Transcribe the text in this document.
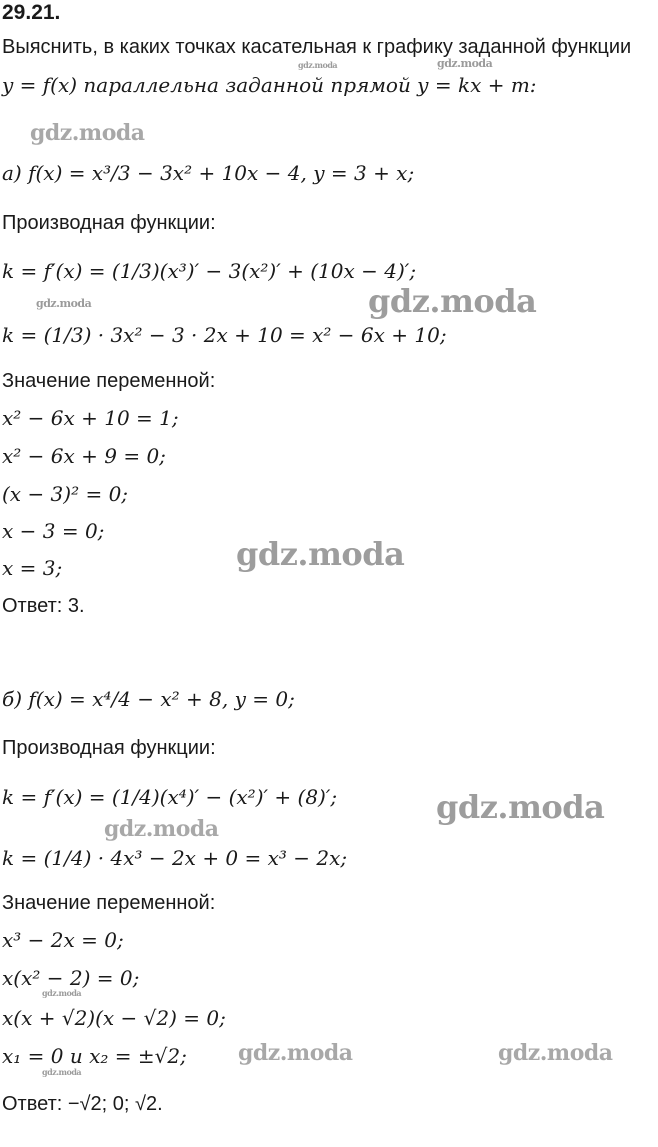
29.21.
Выяснить, в каких точках касательная к графику заданной функции
y = f(x) параллельна заданной прямой y = kx + m:
а) f(x) = x³/3 − 3x² + 10x − 4, y = 3 + x;
Производная функции:
k = f′(x) = (1/3)(x³)′ − 3(x²)′ + (10x − 4)′;
k = (1/3) · 3x² − 3 · 2x + 10 = x² − 6x + 10;
Значение переменной:
x² − 6x + 10 = 1;
x² − 6x + 9 = 0;
(x − 3)² = 0;
x − 3 = 0;
x = 3;
Ответ: 3.
б) f(x) = x⁴/4 − x² + 8, y = 0;
Производная функции:
k = f′(x) = (1/4)(x⁴)′ − (x²)′ + (8)′;
k = (1/4) · 4x³ − 2x + 0 = x³ − 2x;
Значение переменной:
x³ − 2x = 0;
x(x² − 2) = 0;
x(x + √2)(x − √2) = 0;
x₁ = 0 и x₂ = ±√2;
Ответ: −√2; 0; √2.
gdz.moda	gdz.moda
gdz.moda
gdz.moda	gdz.moda
gdz.moda
gdz.moda
gdz.moda
gdz.moda
gdz.moda	gdz.moda
gdz.moda
